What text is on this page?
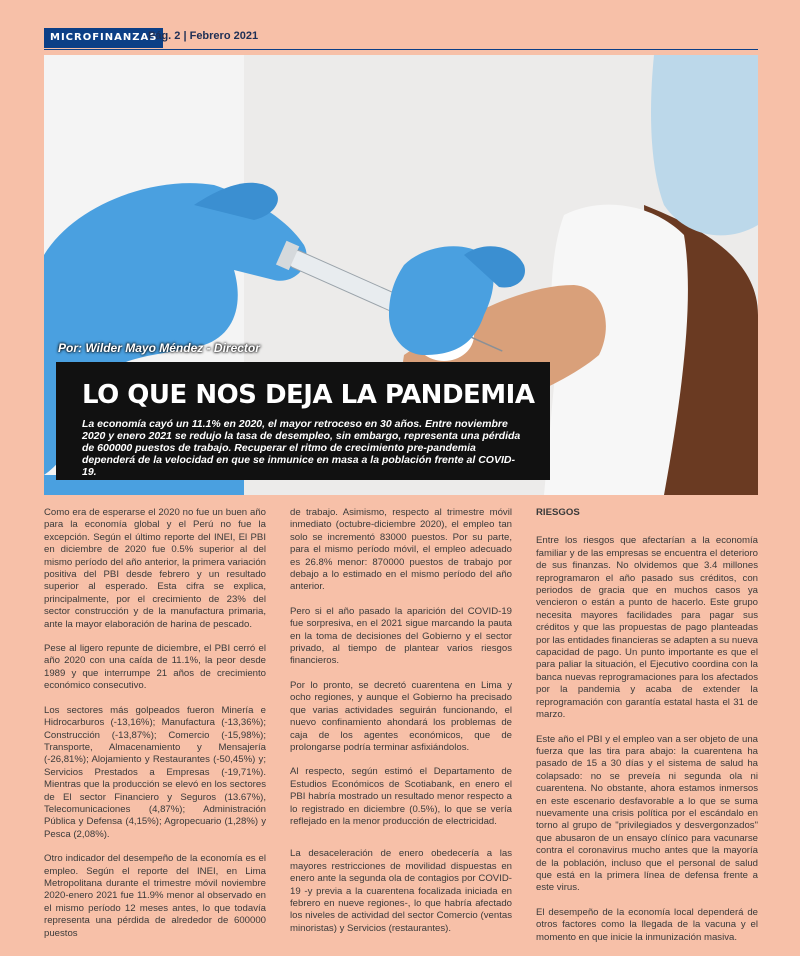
MICROFINANZAS
Pág. 2 | Febrero 2021
Por: Wilder Mayo Méndez - Director
LO QUE NOS DEJA LA PANDEMIA
La economía cayó un 11.1% en 2020, el mayor retroceso en 30 años. Entre noviembre 2020 y enero 2021 se redujo la tasa de desempleo, sin embargo, representa una pérdida de 600000 puestos de trabajo. Recuperar el ritmo de crecimiento pre-pandemia dependerá de la velocidad en que se inmunice en masa a la población frente al COVID-19.

Como era de esperarse el 2020 no fue un buen año para la economía global y el Perú no fue la excepción. Según el último reporte del INEI, El PBI en diciembre de 2020 fue 0.5% superior al del mismo período del año anterior, la primera variación positiva del PBI desde febrero y un resultado superior al esperado. Esta cifra se explica, principalmente, por el crecimiento de 23% del sector construcción y de la manufactura primaria, ante la mayor elaboración de harina de pescado.

Pese al ligero repunte de diciembre, el PBI cerró el año 2020 con una caída de 11.1%, la peor desde 1989 y que interrumpe 21 años de crecimiento económico consecutivo.

Los sectores más golpeados fueron Minería e Hidrocarburos (-13,16%); Manufactura (-13,36%); Construcción (-13,87%); Comercio (-15,98%); Transporte, Almacenamiento y Mensajería (-26,81%); Alojamiento y Restaurantes (-50,45%) y; Servicios Prestados a Empresas (-19,71%). Mientras que la producción se elevó en los sectores de El sector Financiero y Seguros (13.67%), Telecomunicaciones (4,87%); Administración Pública y Defensa (4,15%); Agropecuario (1,28%) y Pesca (2,08%).

Otro indicador del desempeño de la economía es el empleo. Según el reporte del INEI, en Lima Metropolitana durante el trimestre móvil noviembre 2020-enero 2021 fue 11.9% menor al observado en el mismo período 12 meses antes, lo que todavía representa una pérdida de alrededor de 600000 puestos

de trabajo. Asimismo, respecto al trimestre móvil inmediato (octubre-diciembre 2020), el empleo tan solo se incrementó 83000 puestos. Por su parte, para el mismo período móvil, el empleo adecuado es 26.8% menor: 870000 puestos de trabajo por debajo a lo estimado en el mismo período del año anterior.

Pero si el año pasado la aparición del COVID-19 fue sorpresiva, en el 2021 sigue marcando la pauta en la toma de decisiones del Gobierno y el sector privado, al tiempo de plantear varios riesgos financieros.

Por lo pronto, se decretó cuarentena en Lima y ocho regiones, y aunque el Gobierno ha precisado que varias actividades seguirán funcionando, el nuevo confinamiento ahondará los problemas de caja de los agentes económicos, que de prolongarse podría terminar asfixiándolos.

Al respecto, según estimó el Departamento de Estudios Económicos de Scotiabank, en enero el PBI habría mostrado un resultado menor respecto a lo registrado en diciembre (0.5%), lo que se vería reflejado en la menor producción de electricidad.

La desaceleración de enero obedecería a las mayores restricciones de movilidad dispuestas en enero ante la segunda ola de contagios por COVID-19 -y previa a la cuarentena focalizada iniciada en febrero en nueve regiones-, lo que habría afectado los niveles de actividad del sector Comercio (ventas minoristas) y Servicios (restaurantes).

RIESGOS

Entre los riesgos que afectarían a la economía familiar y de las empresas se encuentra el deterioro de sus finanzas. No olvidemos que 3.4 millones reprogramaron el año pasado sus créditos, con periodos de gracia que en muchos casos ya vencieron o están a punto de hacerlo. Este grupo necesita mayores facilidades para pagar sus créditos y que las propuestas de pago planteadas por las entidades financieras se adapten a su nueva capacidad de pago. Un punto importante es que el para paliar la situación, el Ejecutivo coordina con la banca nuevas reprogramaciones para los afectados por la pandemia y acaba de extender la reprogramación con garantía estatal hasta el 31 de marzo.

Este año el PBI y el empleo van a ser objeto de una fuerza que las tira para abajo: la cuarentena ha pasado de 15 a 30 días y el sistema de salud ha colapsado: no se preveía ni segunda ola ni cuarentena. No obstante, ahora estamos inmersos en este escenario desfavorable a lo que se suma nuevamente una crisis política por el escándalo en torno al grupo de "privilegiados y desvergonzados" que abusaron de un ensayo clínico para vacunarse contra el coronavirus mucho antes que la mayoría de la población, incluso que el personal de salud que está en la primera línea de defensa frente a este virus.

El desempeño de la economía local dependerá de otros factores como la llegada de la vacuna y el momento en que inicie la inmunización masiva.
